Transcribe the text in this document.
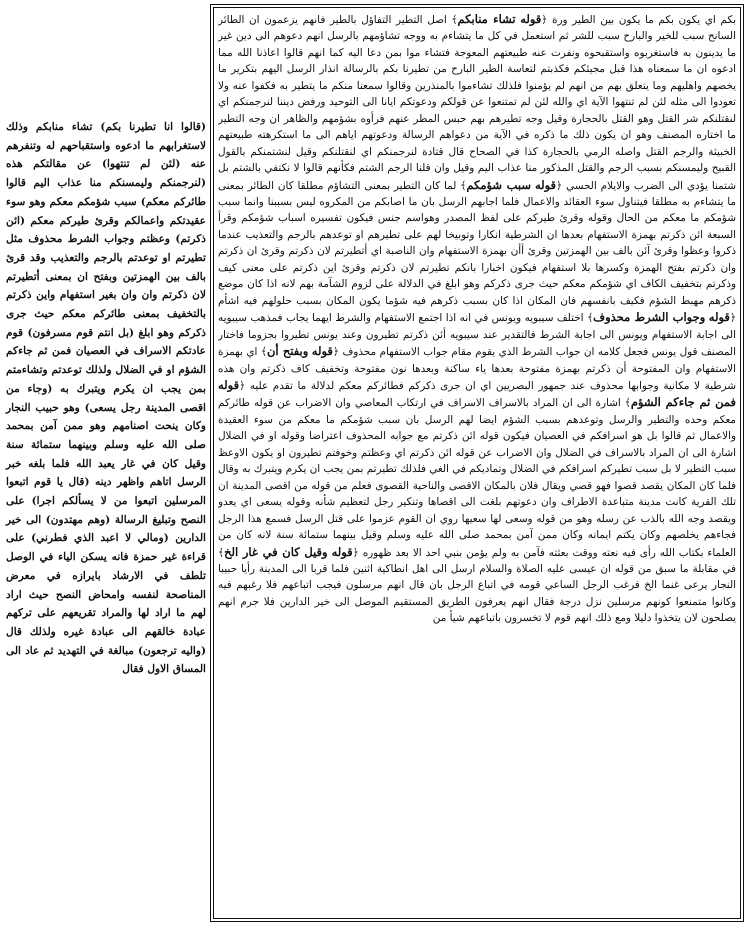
(قالوا انا تطيرنا بكم) تشاء منابكم وذلك لاستغرابهم ما ادعوه واستقباحهم له وتنفرهم عنه (لئن لم تنتهوا) عن مقالتكم هذه (لنرجمنكم وليمسنكم منا عذاب اليم قالوا طائركم معكم) سبب شؤمكم معكم وهو سوء عقيدتكم واعمالكم وقرئ طيركم معكم (ائن ذكرتم) وعظتم وجواب الشرط محذوف مثل تطيرتم او توعدتم بالرجم والتعذيب وقد قرئ بالف بين الهمزتين وبفتح ان بمعنى أتطيرتم لان ذكرتم وان وان بغير استفهام واين ذكرتم بالتخفيف بمعنى طائركم معكم حيث جرى ذكركم وهو ابلغ (بل انتم قوم مسرفون) قوم عادتكم الاسراف في العصيان فمن ثم جاءكم الشؤم او في الضلال ولذلك توعدتم وتشاءمتم بمن يجب ان يكرم ويتبرك به (وجاء من اقصى المدينة رجل يسعى) وهو حبيب النجار وكان ينحت اصنامهم وهو ممن آمن بمحمد صلى الله عليه وسلم وبينهما ستمائة سنة وقيل كان في غار يعبد الله فلما بلغه خبر الرسل اتاهم واظهر دينه (قال يا قوم اتبعوا المرسلين اتبعوا من لا يسألكم اجرا) على النصح وتبليغ الرسالة (وهم مهتدون) الى خير الدارين (ومالي لا اعبد الذي فطرني) على قراءة غير حمزة فانه يسكن الياء في الوصل تلطف في الارشاد بايرازه في معرض المناصحة لنفسه وامحاض النصح حيث اراد لهم ما اراد لها والمراد تقريعهم على تركهم عبادة خالقهم الى عبادة غيره ولذلك قال (واليه ترجعون) مبالغة في التهديد ثم عاد الى المساق الاول فقال

بكم اي يكون بكم ما يكون بين الطير ورة ﴿قوله تشاء منابكم﴾ اصل التطير التفاؤل بالطير فانهم يزعمون ان الطائر السانح سبب للخير والبارح سبب للشر ثم استعمل في كل ما يتشاءم به ووجه تشاؤمهم بالرسل انهم دعوهم الى دين غير ما يدينون به فاستغربوه واستقبحوه ونفرت عنه طبيعتهم المعوجة فتشاء موا بمن دعا اليه كما انهم قالوا اعاذنا الله مما ادعوه ان ما سمعناه هذا قبل مجيئكم فكذبتم لتعاسة الطير البارح من تطيرنا بكم بالرسالة انذار الرسل اليهم بتكرير ما يخصهم واهليهم وما يتعلق بهم من انهم لم يؤمنوا فلذلك تشاءموا بالمنذرين وقالوا سمعنا منكم ما يتطير به فكفوا عنه ولا تعودوا الى مثله لئن لم تنتهوا الآية اي والله لئن لم تمتنعوا عن قولكم ودعوتكم ايانا الى التوحيد ورفض ديننا لنرجمنكم اي لنقتلنكم شر القتل وهو القتل بالحجارة وقيل وجه تطيرهم بهم حبس المطر عنهم فرأوه بشؤمهم والظاهر ان وجه التطير ما اختاره المصنف وهو ان يكون ذلك ما ذكره في الآية من دعواهم الرسالة ودعوتهم اياهم الى ما استكرهته طبيعتهم الخبيثة والرجم القتل واصله الرمي بالحجارة كذا في الصحاح قال قتادة لنرجمنكم اي لنقتلنكم وقيل لنشتمنكم بالقول القبيح وليمسنكم بسبب الرجم والقتل المذكور منا عذاب اليم وقيل وان قلنا الرجم الشتم فكأنهم قالوا لا نكتفي بالشتم بل شتمنا يؤدي الى الضرب والايلام الحسي ﴿قوله سبب شؤمكم﴾ لما كان التطير بمعنى التشاؤم مطلقا كان الطائر بمعنى ما يتشاءم به مطلقا فيتناول سوء العقائد والاعمال فلما اجابهم الرسل بان ما اصابكم من المكروه ليس بسببنا وانما سبب شؤمكم ما معكم من الحال وقوله وقرئ طيركم على لفظ المصدر وهواسم جنس فيكون تفسيره اسباب شؤمكم وقرأ السبعة ائن ذكرتم بهمزة الاستفهام بعدها ان الشرطية انكارا وتوبيخا لهم على تطيرهم او توعدهم بالرجم والتعذيب عندما ذكروا وعظوا وقرئ آئن بالف بين الهمزتين وقرئ أأن بهمزة الاستفهام وان الناصبة اي أتطيرتم لان ذكرتم وقرئ ان ذكرتم وان ذكرتم بفتح الهمزة وكسرها بلا استفهام فيكون اخبارا بانكم تطيرتم لان ذكرتم وقرئ اين ذكرتم على معنى كيف وذكرتم بتخفيف الكاف اي شؤمكم معكم حيث جرى ذكركم وهو ابلغ في الدلالة على لزوم الشآمة بهم لانه اذا كان موضع ذكرهم مهبط الشؤم فكيف بانفسهم فان المكان اذا كان بسبب ذكرهم فيه شؤما يكون المكان بسبب حلولهم فيه اشأم ﴿قوله وجواب الشرط محذوف﴾ اختلف سيبويه ويونس في انه اذا اجتمع الاستفهام والشرط ايهما يجاب فمذهب سيبويه الى اجابة الاستفهام ويونس الى اجابة الشرط فالتقدير عند سيبويه أئن ذكرتم تطيرون وعند يونس تطيروا بجزوما فاختار المصنف قول يونس فجعل كلامه ان جواب الشرط الذي يقوم مقام جواب الاستفهام محذوف ﴿قوله وبفتح أن﴾ اي بهمزة الاستفهام وان المفتوحة أن ذكرتم بهمزة مفتوحة بعدها ياء ساكنة وبعدها نون مفتوحة وتخفيف كاف ذكرتم وان هذه شرطية لا مكانية وجوابها محذوف عند جمهور البصريين اي ان جرى ذكركم فطائركم معكم لدلالة ما تقدم عليه ﴿قوله فمن ثم جاءكم الشؤم﴾ اشارة الى ان المراد بالاسراف الاسراف في ارتكاب المعاصي وان الاضراب عن قوله طائركم معكم وحده والتطير والرسل وتوعدهم بسبب الشؤم ايضا لهم الرسل بان سبب شؤمكم ما معكم من سوء العقيدة والاعمال ثم قالوا بل هو اسرافكم في العصيان فيكون قوله ائن ذكرتم مع جوابه المحذوف اعتراضا وقوله او في الضلال اشارة الى ان المراد بالاسراف في الضلال وان الاضراب عن قوله ائن ذكرتم اي وعظتم وخوفتم تطيرون او يكون الاوعظ سبب التطير لا بل سبب تطيركم اسرافكم في الضلال وتماديكم في الغي فلذلك تطيرتم بمن يجب ان يكرم ويتبرك به وقال فلما كان المكان يقصد قصوا فهو قصي ويقال فلان بالمكان الاقصى والناحية القصوى فعلم من قوله من اقصى المدينة ان تلك القرية كانت مدينة متباعدة الاطراف وان دعوتهم بلغت الى اقصاها وتنكير رجل لتعظيم شأنه وقوله يسعى اي يعدو ويقصد وجه الله بالذب عن رسله وهو من قوله وسعى لها سعيها روي ان القوم عزموا على قتل الرسل فسمع هذا الرجل فجاءهم يخلصهم وكان يكتم ايمانه وكان ممن آمن بمحمد صلى الله عليه وسلم وقيل بينهما ستمائة سنة لانه كان من العلماء بكتاب الله رأى فيه نعته ووقت بعثته فآمن به ولم يؤمن بنبي احد الا بعد ظهوره ﴿قوله وقيل كان في غار الخ﴾ في مقابلة ما سبق من قوله ان عيسى عليه الصلاة والسلام ارسل الى اهل انطاكية اثنين فلما قربا الى المدينة رأيا حبيبا النجار يرعى غنما الخ فرغب الرجل الساعي قومه في اتباع الرجل بان قال انهم مرسلون فيجب اتباعهم فلا رغبهم فيه وكانوا متمنعوا كونهم مرسلين نزل درجة فقال انهم يعرفون الطريق المستقيم الموصل الى خير الدارين فلا جرم انهم يصلحون لان يتخذوا دليلا ومع ذلك انهم قوم لا تخسرون باتباعهم شيأ من
